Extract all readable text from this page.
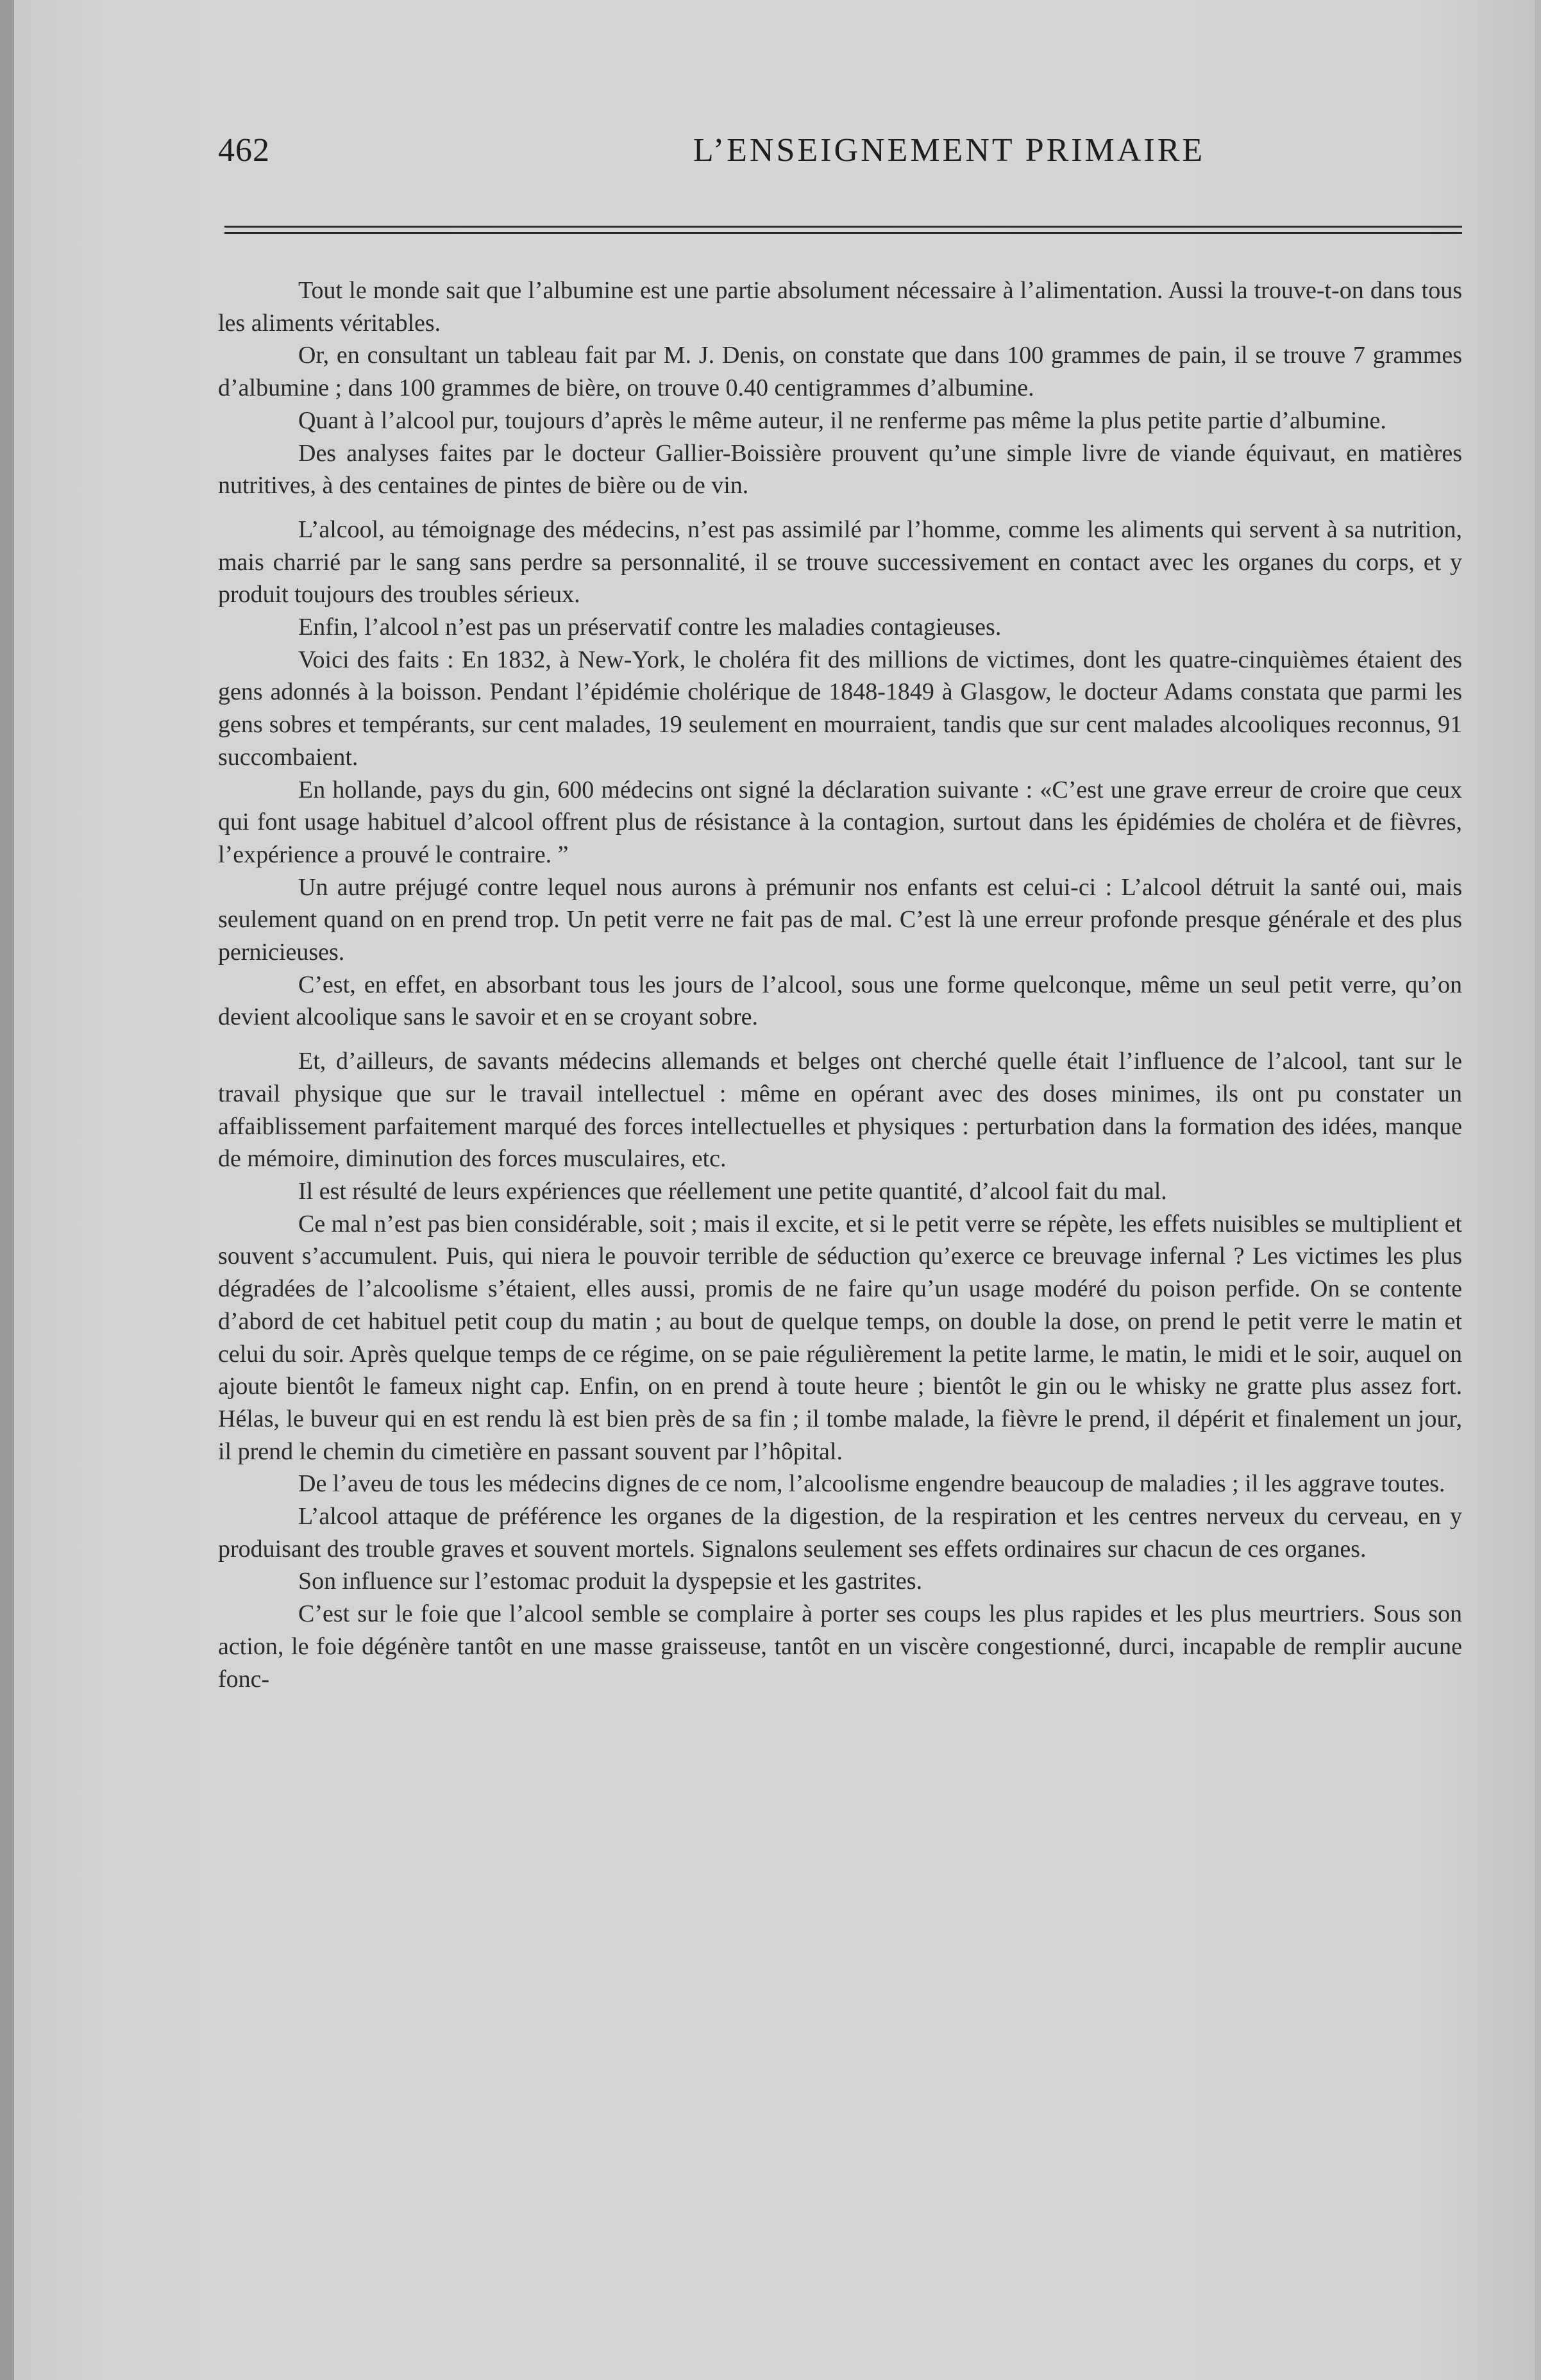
462	L’ENSEIGNEMENT PRIMAIRE

Tout le monde sait que l’albumine est une partie absolument nécessaire à l’alimentation. Aussi la trouve-t-on dans tous les aliments véritables.

Or, en consultant un tableau fait par M. J. Denis, on constate que dans 100 grammes de pain, il se trouve 7 grammes d’albumine ; dans 100 grammes de bière, on trouve 0.40 centigrammes d’albumine.

Quant à l’alcool pur, toujours d’après le même auteur, il ne renferme pas même la plus petite partie d’albumine.

Des analyses faites par le docteur Gallier-Boissière prouvent qu’une simple livre de viande équivaut, en matières nutritives, à des centaines de pintes de bière ou de vin.

L’alcool, au témoignage des médecins, n’est pas assimilé par l’homme, comme les aliments qui servent à sa nutrition, mais charrié par le sang sans perdre sa personnalité, il se trouve successivement en contact avec les organes du corps, et y produit toujours des troubles sérieux.

Enfin, l’alcool n’est pas un préservatif contre les maladies contagieuses.

Voici des faits : En 1832, à New-York, le choléra fit des millions de victimes, dont les quatre-cinquièmes étaient des gens adonnés à la boisson. Pendant l’épidémie cholérique de 1848-1849 à Glasgow, le docteur Adams constata que parmi les gens sobres et tempérants, sur cent malades, 19 seulement en mourraient, tandis que sur cent malades alcooliques reconnus, 91 succombaient.

En hollande, pays du gin, 600 médecins ont signé la déclaration suivante : «C’est une grave erreur de croire que ceux qui font usage habituel d’alcool offrent plus de résistance à la contagion, surtout dans les épidémies de choléra et de fièvres, l’expérience a prouvé le contraire. ”

Un autre préjugé contre lequel nous aurons à prémunir nos enfants est celui-ci : L’alcool détruit la santé oui, mais seulement quand on en prend trop. Un petit verre ne fait pas de mal. C’est là une erreur profonde presque générale et des plus pernicieuses.

C’est, en effet, en absorbant tous les jours de l’alcool, sous une forme quelconque, même un seul petit verre, qu’on devient alcoolique sans le savoir et en se croyant sobre.

Et, d’ailleurs, de savants médecins allemands et belges ont cherché quelle était l’influence de l’alcool, tant sur le travail physique que sur le travail intellectuel : même en opérant avec des doses minimes, ils ont pu constater un affaiblissement parfaitement marqué des forces intellectuelles et physiques : perturbation dans la formation des idées, manque de mémoire, diminution des forces musculaires, etc.

Il est résulté de leurs expériences que réellement une petite quantité, d’alcool fait du mal.

Ce mal n’est pas bien considérable, soit ; mais il excite, et si le petit verre se répète, les effets nuisibles se multiplient et souvent s’accumulent. Puis, qui niera le pouvoir terrible de séduction qu’exerce ce breuvage infernal ? Les victimes les plus dégradées de l’alcoolisme s’étaient, elles aussi, promis de ne faire qu’un usage modéré du poison perfide. On se contente d’abord de cet habituel petit coup du matin ; au bout de quelque temps, on double la dose, on prend le petit verre le matin et celui du soir. Après quelque temps de ce régime, on se paie régulièrement la petite larme, le matin, le midi et le soir, auquel on ajoute bientôt le fameux night cap. Enfin, on en prend à toute heure ; bientôt le gin ou le whisky ne gratte plus assez fort. Hélas, le buveur qui en est rendu là est bien près de sa fin ; il tombe malade, la fièvre le prend, il dépérit et finalement un jour, il prend le chemin du cimetière en passant souvent par l’hôpital.

De l’aveu de tous les médecins dignes de ce nom, l’alcoolisme engendre beaucoup de maladies ; il les aggrave toutes.

L’alcool attaque de préférence les organes de la digestion, de la respiration et les centres nerveux du cerveau, en y produisant des trouble graves et souvent mortels. Signalons seulement ses effets ordinaires sur chacun de ces organes.

Son influence sur l’estomac produit la dyspepsie et les gastrites.

C’est sur le foie que l’alcool semble se complaire à porter ses coups les plus rapides et les plus meurtriers. Sous son action, le foie dégénère tantôt en une masse graisseuse, tantôt en un viscère congestionné, durci, incapable de remplir aucune fonc-
